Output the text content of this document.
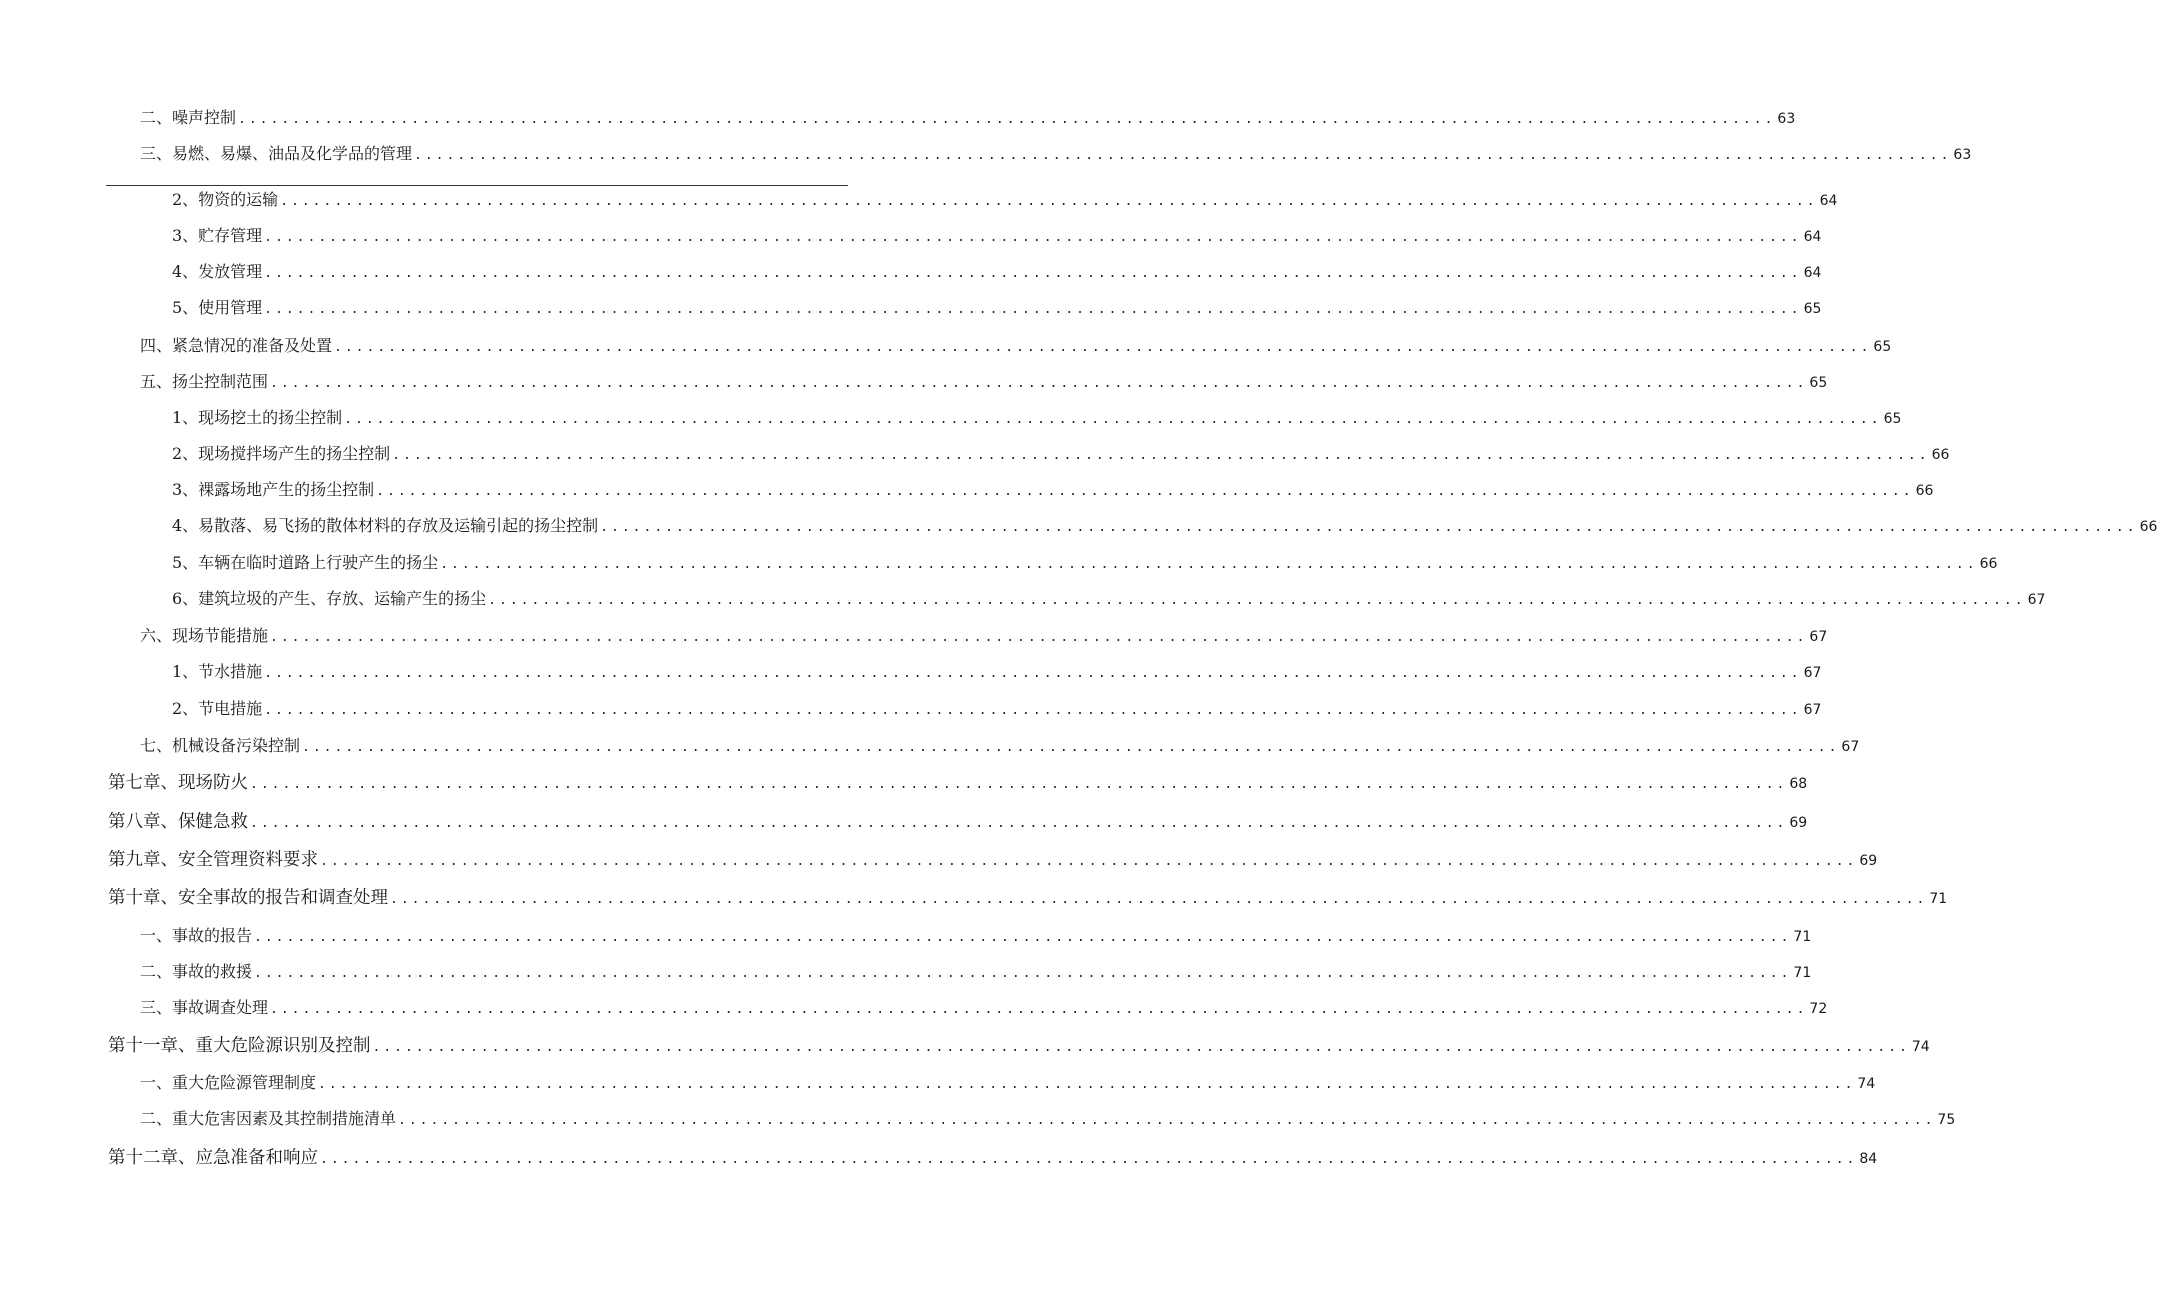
二、噪声控制 .............................................................................................................................................. 63
三、易燃、易爆、油品及化学品的管理 .............................................................................................................................................. 63
2、物资的运输 .............................................................................................................................................. 64
3、贮存管理 .............................................................................................................................................. 64
4、发放管理 .............................................................................................................................................. 64
5、使用管理 .............................................................................................................................................. 65
四、紧急情况的准备及处置 .............................................................................................................................................. 65
五、扬尘控制范围 .............................................................................................................................................. 65
1、现场挖土的扬尘控制 .............................................................................................................................................. 65
2、现场搅拌场产生的扬尘控制 .............................................................................................................................................. 66
3、裸露场地产生的扬尘控制 .............................................................................................................................................. 66
4、易散落、易飞扬的散体材料的存放及运输引起的扬尘控制 .............................................................................................................................................. 66
5、车辆在临时道路上行驶产生的扬尘 .............................................................................................................................................. 66
6、建筑垃圾的产生、存放、运输产生的扬尘 .............................................................................................................................................. 67
六、现场节能措施 .............................................................................................................................................. 67
1、节水措施 .............................................................................................................................................. 67
2、节电措施 .............................................................................................................................................. 67
七、机械设备污染控制 .............................................................................................................................................. 67
第七章、现场防火 .............................................................................................................................................. 68
第八章、保健急救 .............................................................................................................................................. 69
第九章、安全管理资料要求 .............................................................................................................................................. 69
第十章、安全事故的报告和调查处理 .............................................................................................................................................. 71
一、事故的报告 .............................................................................................................................................. 71
二、事故的救援 .............................................................................................................................................. 71
三、事故调查处理 .............................................................................................................................................. 72
第十一章、重大危险源识别及控制 .............................................................................................................................................. 74
一、重大危险源管理制度 .............................................................................................................................................. 74
二、重大危害因素及其控制措施清单 .............................................................................................................................................. 75
第十二章、应急准备和响应 .............................................................................................................................................. 84
